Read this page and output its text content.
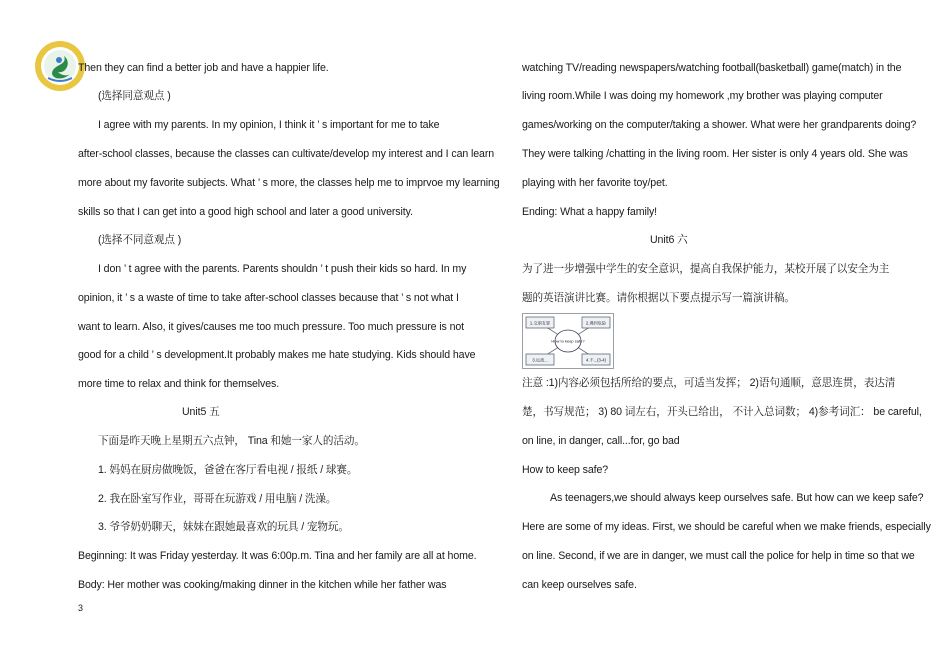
Then they can find a better job and have a happier life.
(选择同意观点 )
I agree with my parents. In my opinion, I think it ’ s important for me to take
after-school classes, because the classes can cultivate/develop my interest and I can learn
more about my favorite subjects. What ’ s more, the classes help me to imprvoe my learning
skills so that I can get into a good high school and later a good university.
(选择不同意观点 )
I don ’ t agree with the parents. Parents shouldn ’ t push their kids so hard. In my
opinion, it ’ s a waste of time to take after-school classes because that ’ s not what I
want to learn. Also, it gives/causes me too much pressure. Too much pressure is not
good for a child ’ s development.It probably makes me hate studying. Kids should have
more time to relax and think for themselves.
Unit5 五
下面是昨天晚上星期五六点钟， Tina 和她一家人的活动。
1. 妈妈在厨房做晚饭，爸爸在客厅看电视 / 报纸 / 球赛。
2. 我在卧室写作业，哥哥在玩游戏 / 用电脑 / 洗澡。
3. 爷爷奶奶聊天，妹妹在跟她最喜欢的玩具 / 宠物玩。
Beginning: It was Friday yesterday. It was 6:00p.m. Tina and her family are all at home.
Body: Her mother was cooking/making dinner in the kitchen while her father was
watching TV/reading newspapers/watching football(basketball) game(match) in the
living room.While I was doing my homework ,my brother was playing computer
games/working on the computer/taking a shower. What were her grandparents doing?
They were talking /chatting in the living room. Her sister is only 4 years old. She was
playing with her favorite toy/pet.
Ending: What a happy family!
Unit6 六
为了进一步增强中学生的安全意识，提高自我保护能力，某校开展了以安全为主
题的英语演讲比赛。请你根据以下要点提示写一篇演讲稿。
1.交朋友要	2.遇到危险
3.远离...	4.不...(3-4)
How to keep safe?
注意 :1)内容必须包括所给的要点，可适当发挥； 2)语句通顺，意思连贯，表达清
楚，书写规范； 3) 80 词左右，开头已给出， 不计入总词数； 4)参考词汇： be careful,
on line, in danger, call...for, go bad
How to keep safe?
As teenagers,we should always keep ourselves safe. But how can we keep safe?
Here are some of my ideas. First, we should be careful when we make friends, especially
on line. Second, if we are in danger, we must call the police for help in time so that we
can keep ourselves safe.
3
